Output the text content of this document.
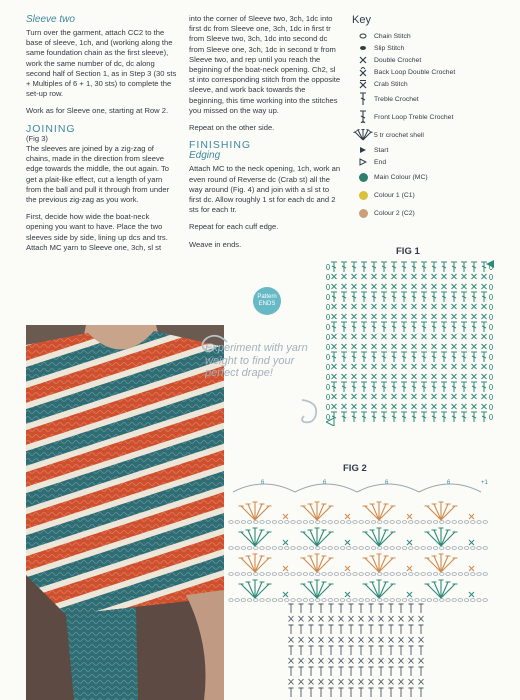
Sleeve two

Turn over the garment, attach CC2 to the base of sleeve, 1ch, and (working along the same foundation chain as the first sleeve), work the same number of dc, dc along second half of Section 1, as in Step 3 (30 sts + Multiples of 6 + 1, 30 sts) to complete the set-up row.

Work as for Sleeve one, starting at Row 2.

JOINING
(Fig 3)

The sleeves are joined by a zig-zag of chains, made in the direction from sleeve edge towards the middle, the out again. To get a plait-like effect, cut a length of yarn from the ball and pull it through from under the previous zig-zag as you work.

First, decide how wide the boat-neck opening you want to have. Place the two sleeves side by side, lining up dcs and trs. Attach MC yarn to Sleeve one, 3ch, sl st

into the corner of Sleeve two, 3ch, 1dc into first dc from Sleeve one, 3ch, 1dc in first tr from Sleeve two, 3ch, 1dc into second dc from Sleeve one, 3ch, 1dc in second tr from Sleeve two, and rep until you reach the beginning of the boat-neck opening. Ch2, sl st into corresponding stitch from the opposite sleeve, and work back towards the beginning, this time working into the stitches you missed on the way up.

Repeat on the other side.

FINISHING
Edging

Attach MC to the neck opening, 1ch, work an even round of Reverse dc (Crab st) all the way around (Fig. 4) and join with a sl st to first dc. Allow roughly 1 st for each dc and 2 sts for each tr.

Repeat for each cuff edge.

Weave in ends.

Pattern
ENDS
Key
Chain Stitch
Slip Stitch
Double Crochet
Back Loop Double Crochet
Crab Stitch
Treble Crochet
Front Loop Treble Crochet
5 tr crochet shell
Start
End
Main Colour (MC)
Colour 1 (C1)
Colour 2 (C2)
Experiment with yarn weight to find your perfect drape!
FIG 1
FIG 2
6	6	6	6	+1
